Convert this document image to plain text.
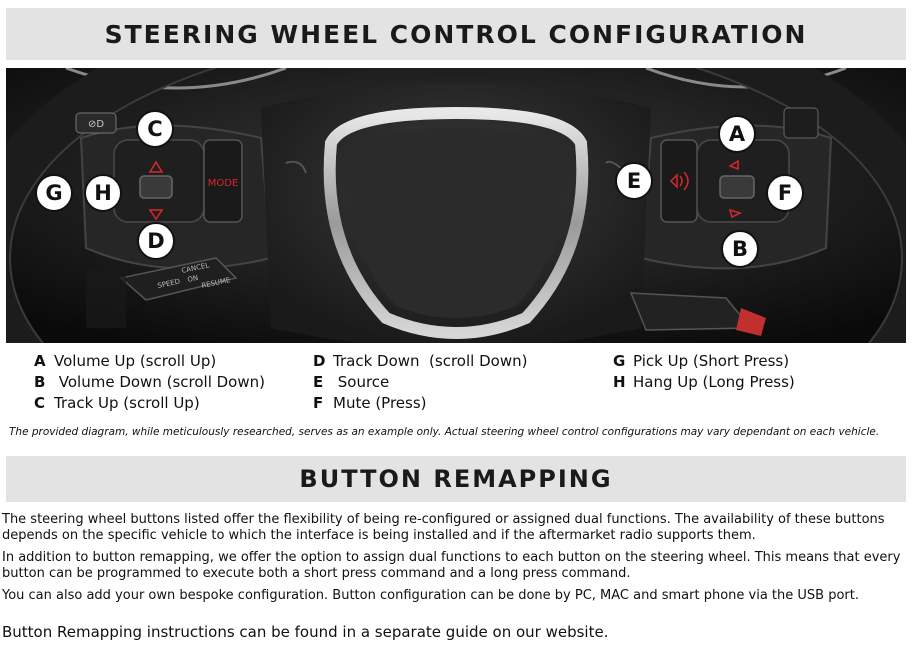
STEERING WHEEL CONTROL CONFIGURATION
MODE
⊘D
SPEED
CANCEL
ON RESUME
C
G	H
D
A
E	F
B
A Volume Up (scroll Up)
B Volume Down (scroll Down)
C Track Up (scroll Up)
D Track Down  (scroll Down)
E Source
F Mute (Press)
G Pick Up (Short Press)
H Hang Up (Long Press)
The provided diagram, while meticulously researched, serves as an example only. Actual steering wheel control configurations may vary dependant on each vehicle.
BUTTON REMAPPING
The steering wheel buttons listed offer the flexibility of being re-configured or assigned dual functions. The availability of these buttons depends on the specific vehicle to which the interface is being installed and if the aftermarket radio supports them.
In addition to button remapping, we offer the option to assign dual functions to each button on the steering wheel. This means that every button can be programmed to execute both a short press command and a long press command.
You can also add your own bespoke configuration. Button configuration can be done by PC, MAC and smart phone via the USB port.
Button Remapping instructions can be found in a separate guide on our website.
